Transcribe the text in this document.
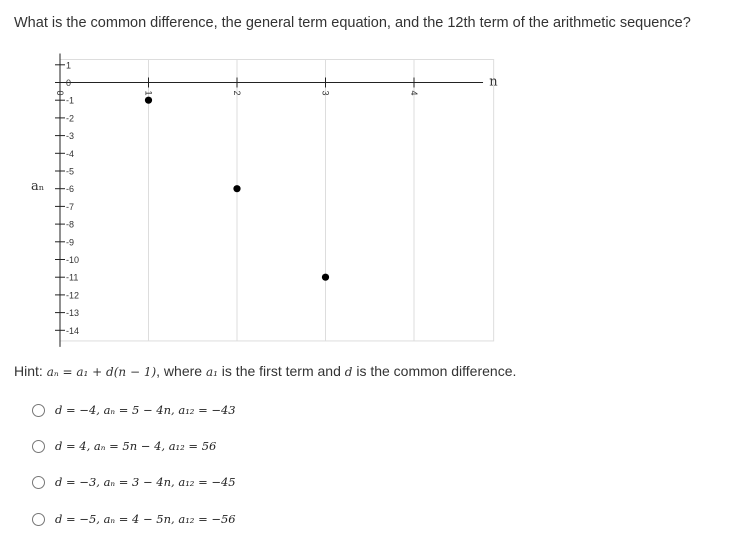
What is the common difference, the general term equation, and the 12th term of the arithmetic sequence?
1
0
-1
-2
-3
-4
-5
-6
-7
-8
-9
-10
-11
-12
-13
-14
0	1	2	3	4
n
aₙ
Hint: aₙ = a₁ + d(n − 1), where a₁ is the first term and d is the common difference.
d = −4, aₙ = 5 − 4n, a₁₂ = −43
d = 4, aₙ = 5n − 4, a₁₂ = 56
d = −3, aₙ = 3 − 4n, a₁₂ = −45
d = −5, aₙ = 4 − 5n, a₁₂ = −56
